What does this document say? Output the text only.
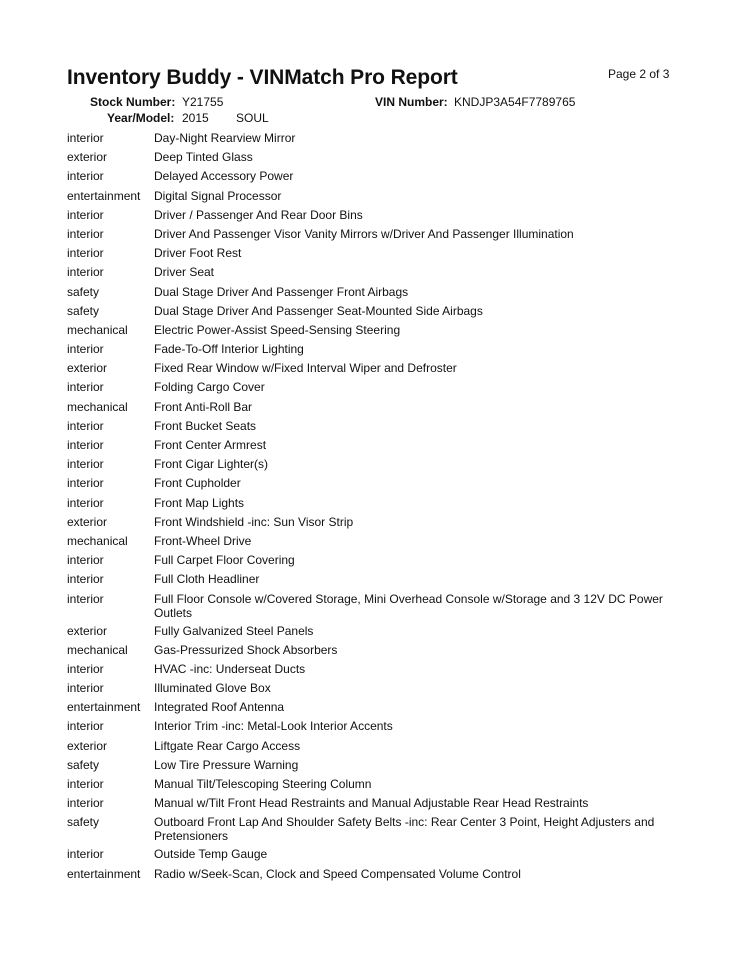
Inventory Buddy - VINMatch Pro Report	Page 2 of 3
Stock Number: Y21755	VIN Number: KNDJP3A54F7789765
Year/Model: 2015 SOUL
interior	Day-Night Rearview Mirror
exterior	Deep Tinted Glass
interior	Delayed Accessory Power
entertainment	Digital Signal Processor
interior	Driver / Passenger And Rear Door Bins
interior	Driver And Passenger Visor Vanity Mirrors w/Driver And Passenger Illumination
interior	Driver Foot Rest
interior	Driver Seat
safety	Dual Stage Driver And Passenger Front Airbags
safety	Dual Stage Driver And Passenger Seat-Mounted Side Airbags
mechanical	Electric Power-Assist Speed-Sensing Steering
interior	Fade-To-Off Interior Lighting
exterior	Fixed Rear Window w/Fixed Interval Wiper and Defroster
interior	Folding Cargo Cover
mechanical	Front Anti-Roll Bar
interior	Front Bucket Seats
interior	Front Center Armrest
interior	Front Cigar Lighter(s)
interior	Front Cupholder
interior	Front Map Lights
exterior	Front Windshield -inc: Sun Visor Strip
mechanical	Front-Wheel Drive
interior	Full Carpet Floor Covering
interior	Full Cloth Headliner
interior	Full Floor Console w/Covered Storage, Mini Overhead Console w/Storage and 3 12V DC Power Outlets
exterior	Fully Galvanized Steel Panels
mechanical	Gas-Pressurized Shock Absorbers
interior	HVAC -inc: Underseat Ducts
interior	Illuminated Glove Box
entertainment	Integrated Roof Antenna
interior	Interior Trim -inc: Metal-Look Interior Accents
exterior	Liftgate Rear Cargo Access
safety	Low Tire Pressure Warning
interior	Manual Tilt/Telescoping Steering Column
interior	Manual w/Tilt Front Head Restraints and Manual Adjustable Rear Head Restraints
safety	Outboard Front Lap And Shoulder Safety Belts -inc: Rear Center 3 Point, Height Adjusters and Pretensioners
interior	Outside Temp Gauge
entertainment	Radio w/Seek-Scan, Clock and Speed Compensated Volume Control
